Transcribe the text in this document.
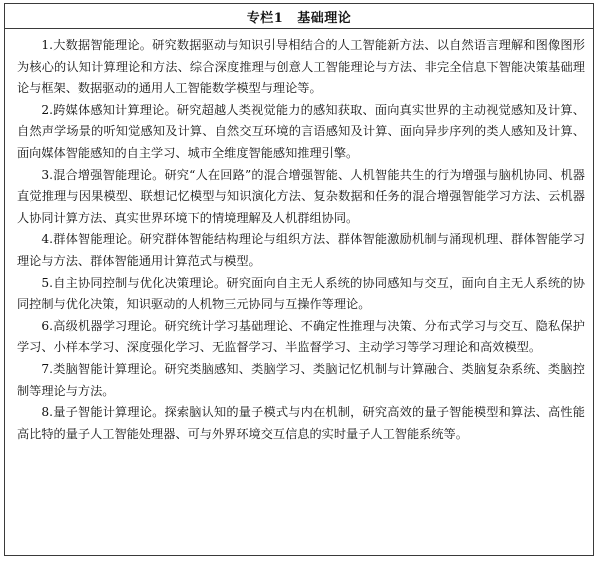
专栏1 基础理论

1.大数据智能理论。研究数据驱动与知识引导相结合的人工智能新方法、以自然语言理解和图像图形为核心的认知计算理论和方法、综合深度推理与创意人工智能理论与方法、非完全信息下智能决策基础理论与框架、数据驱动的通用人工智能数学模型与理论等。

2.跨媒体感知计算理论。研究超越人类视觉能力的感知获取、面向真实世界的主动视觉感知及计算、自然声学场景的听知觉感知及计算、自然交互环境的言语感知及计算、面向异步序列的类人感知及计算、面向媒体智能感知的自主学习、城市全维度智能感知推理引擎。

3.混合增强智能理论。研究“人在回路”的混合增强智能、人机智能共生的行为增强与脑机协同、机器直觉推理与因果模型、联想记忆模型与知识演化方法、复杂数据和任务的混合增强智能学习方法、云机器人协同计算方法、真实世界环境下的情境理解及人机群组协同。

4.群体智能理论。研究群体智能结构理论与组织方法、群体智能激励机制与涌现机理、群体智能学习理论与方法、群体智能通用计算范式与模型。

5.自主协同控制与优化决策理论。研究面向自主无人系统的协同感知与交互，面向自主无人系统的协同控制与优化决策，知识驱动的人机物三元协同与互操作等理论。

6.高级机器学习理论。研究统计学习基础理论、不确定性推理与决策、分布式学习与交互、隐私保护学习、小样本学习、深度强化学习、无监督学习、半监督学习、主动学习等学习理论和高效模型。

7.类脑智能计算理论。研究类脑感知、类脑学习、类脑记忆机制与计算融合、类脑复杂系统、类脑控制等理论与方法。

8.量子智能计算理论。探索脑认知的量子模式与内在机制，研究高效的量子智能模型和算法、高性能高比特的量子人工智能处理器、可与外界环境交互信息的实时量子人工智能系统等。
